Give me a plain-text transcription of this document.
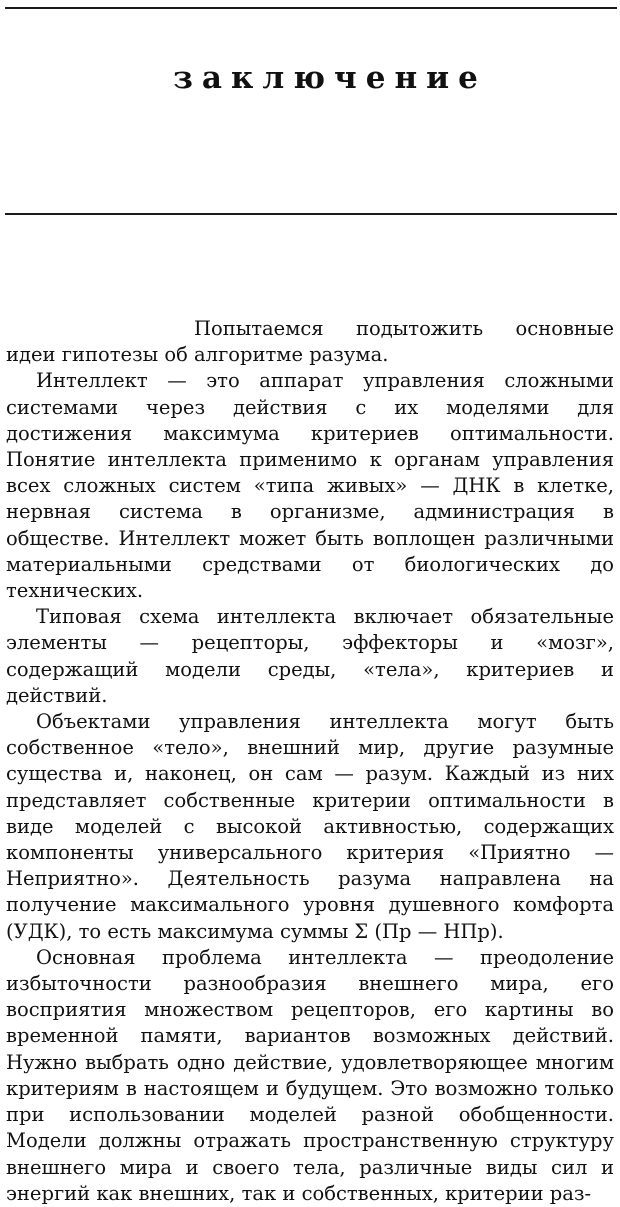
заключение

Попытаемся подытожить основные идеи гипотезы об алгоритме разума.

Интеллект — это аппарат управления сложными системами через действия с их моделями для достижения максимума критериев оптимальности. Понятие интеллекта применимо к органам управления всех сложных систем «типа живых» — ДНК в клетке, нервная система в организме, администрация в обществе. Интеллект может быть воплощен различными материальными средствами от биологических до технических.

Типовая схема интеллекта включает обязательные элементы — рецепторы, эффекторы и «мозг», содержащий модели среды, «тела», критериев и действий.

Объектами управления интеллекта могут быть собственное «тело», внешний мир, другие разумные существа и, наконец, он сам — разум. Каждый из них представляет собственные критерии оптимальности в виде моделей с высокой активностью, содержащих компоненты универсального критерия «Приятно — Неприятно». Деятельность разума направлена на получение максимального уровня душевного комфорта (УДК), то есть максимума суммы Σ (Пр — НПр).

Основная проблема интеллекта — преодоление избыточности разнообразия внешнего мира, его восприятия множеством рецепторов, его картины во временной памяти, вариантов возможных действий. Нужно выбрать одно действие, удовлетворяющее многим критериям в настоящем и будущем. Это возможно только при использовании моделей разной обобщенности. Модели должны отражать пространственную структуру внешнего мира и своего тела, различные виды сил и энергий как внешних, так и собственных, критерии раз-
